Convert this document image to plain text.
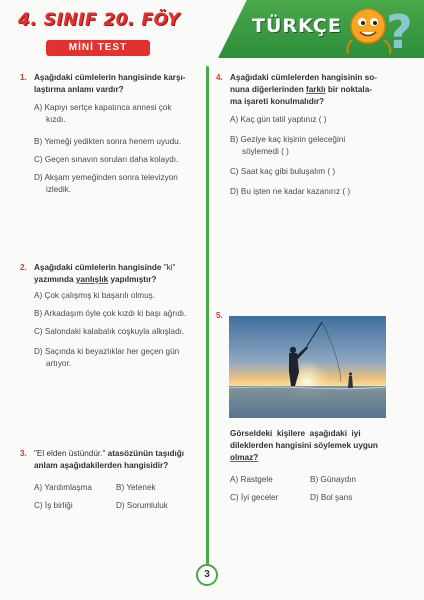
4. SINIF 20. FÖY
MİNİ TEST
TÜRKÇE ?
1. Aşağıdaki cümlelerin hangisinde karşı-
laştırma anlamı vardır?
A) Kapıyı sertçe kapatınca annesi çok
kızdı.
B) Yemeği yedikten sonra henem uyudu.
C) Geçen sınavın soruları daha kolaydı.
D) Akşam yemeğinden sonra televizyon
izledik.
2. Aşağıdaki cümlelerin hangisinde "ki"
yazımında yanlışlık yapılmıştır?
A) Çok çalışmış ki başarılı olmuş.
B) Arkadaşım öyle çok kızdı ki başı ağrıdı.
C) Salondaki kalabalık coşkuyla alkışladı.
D) Saçında ki beyazlıklar her geçen gün
artıyor.
3. "El elden üstündür." atasözünün taşıdığı
anlam aşağıdakilerden hangisidir?
A) Yardımlaşma	B) Yetenek
C) İş birliği	D) Sorumluluk
4. Aşağıdaki cümlelerden hangisinin so-
nuna diğerlerinden farklı bir noktala-
ma işareti konulmalıdır?
A) Kaç gün tatil yaptınız ( )
B) Geziye kaç kişinin geleceğini
söylemedi ( )
C) Saat kaç gibi buluşalım ( )
D) Bu işten ne kadar kazanırız ( )
5.
Görseldeki  kişilere  aşağıdaki  iyi
dileklerden hangisini söylemek uygun
olmaz?
A) Rastgele	B) Günaydın
C) İyi geceler	D) Bol şans
3
